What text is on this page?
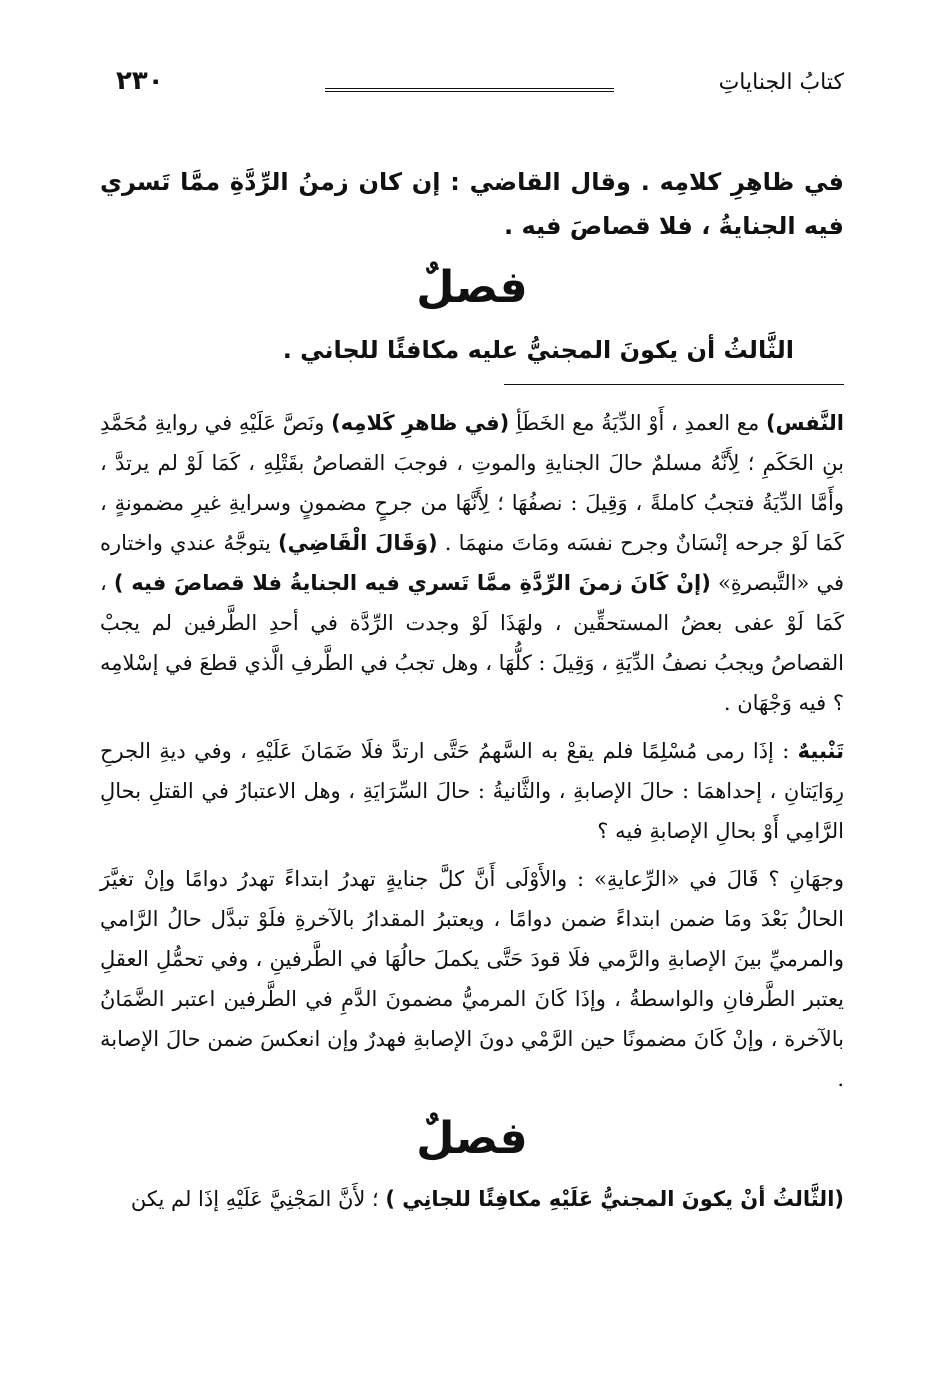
كتابُ الجناياتِ
٢٣٠

في ظاهِرِ كلامِه . وقال القاضي : إن كان زمنُ الرِّدَّةِ ممَّا تَسري فيه الجنايةُ ، فلا قصاصَ فيه .

فصلٌ

الثَّالثُ أن يكونَ المجنيُّ عليه مكافئًا للجاني .

النَّفس) مع العمدِ ، أَوْ الدِّيَةُ مع الخَطَأِ (في ظاهرِ كَلامِه) ونَصَّ عَلَيْهِ في روايةِ مُحَمَّدِ بنِ الحَكَمِ ؛ لِأَنَّهُ مسلمٌ حالَ الجنايةِ والموتِ ، فوجبَ القصاصُ بقَتْلِهِ ، كَمَا لَوْ لم يرتدَّ ، وأَمَّا الدِّيَةُ فتجبُ كاملةً ، وَقِيلَ : نصفُهَا ؛ لِأَنَّهَا من جرحٍ مضمونٍ وسرايةِ غيرِ مضمونةٍ ، كَمَا لَوْ جرحه إنْسَانٌ وجرح نفسَه ومَاتَ منهمَا . (وَقَالَ الْقَاضِي) يتوجَّهُ عندي واختاره في «التَّبصرةِ» (إنْ كَانَ زمنَ الرِّدَّةِ ممَّا تَسري فيه الجنايةُ فلا قصاصَ فيه ) ، كَمَا لَوْ عفى بعضُ المستحقِّين ، ولهَذَا لَوْ وجدت الرِّدَّة في أحدِ الطَّرفين لم يجبْ القصاصُ ويجبُ نصفُ الدِّيَةِ ، وَقِيلَ : كلُّهَا ، وهل تجبُ في الطَّرفِ الَّذي قطعَ في إسْلامِه ؟ فيه وَجْهَان .

تَنْبيهٌ : إذَا رمى مُسْلِمًا فلم يقعْ به السَّهمُ حَتَّى ارتدَّ فلَا ضَمَانَ عَلَيْهِ ، وفي ديةِ الجرحِ رِوَايَتانِ ، إحداهمَا : حالَ الإصابةِ ، والثَّانيةُ : حالَ السِّرَايَةِ ، وهل الاعتبارُ في القتلِ بحالِ الرَّامِي أَوْ بحالِ الإصابةِ فيه ؟

وجهَانِ ؟ قَالَ في «الرِّعايةِ» : والأَوْلَى أَنَّ كلَّ جنايةٍ تهدرُ ابتداءً تهدرُ دوامًا وإنْ تغيَّرَ الحالُ بَعْدَ ومَا ضمن ابتداءً ضمن دوامًا ، ويعتبرُ المقدارُ بالآخرةِ فلَوْ تبدَّل حالُ الرَّامي والمرميِّ بينَ الإصابةِ والرَّمي فلَا قودَ حَتَّى يكملَ حالُهَا في الطَّرفينِ ، وفي تحمُّلِ العقلِ يعتبر الطَّرفانِ والواسطةُ ، وإذَا كَانَ المرميُّ مضمونَ الدَّمِ في الطَّرفين اعتبر الضَّمَانُ بالآخرة ، وإنْ كَانَ مضمونًا حين الرَّمْي دونَ الإصابةِ فهدرٌ وإن انعكسَ ضمن حالَ الإصابة .

فصلٌ

(الثَّالثُ أنْ يكونَ المجنيُّ عَلَيْهِ مكافِئًا للجانِي ) ؛ لأَنَّ المَجْنِيَّ عَلَيْهِ إذَا لم يكن
